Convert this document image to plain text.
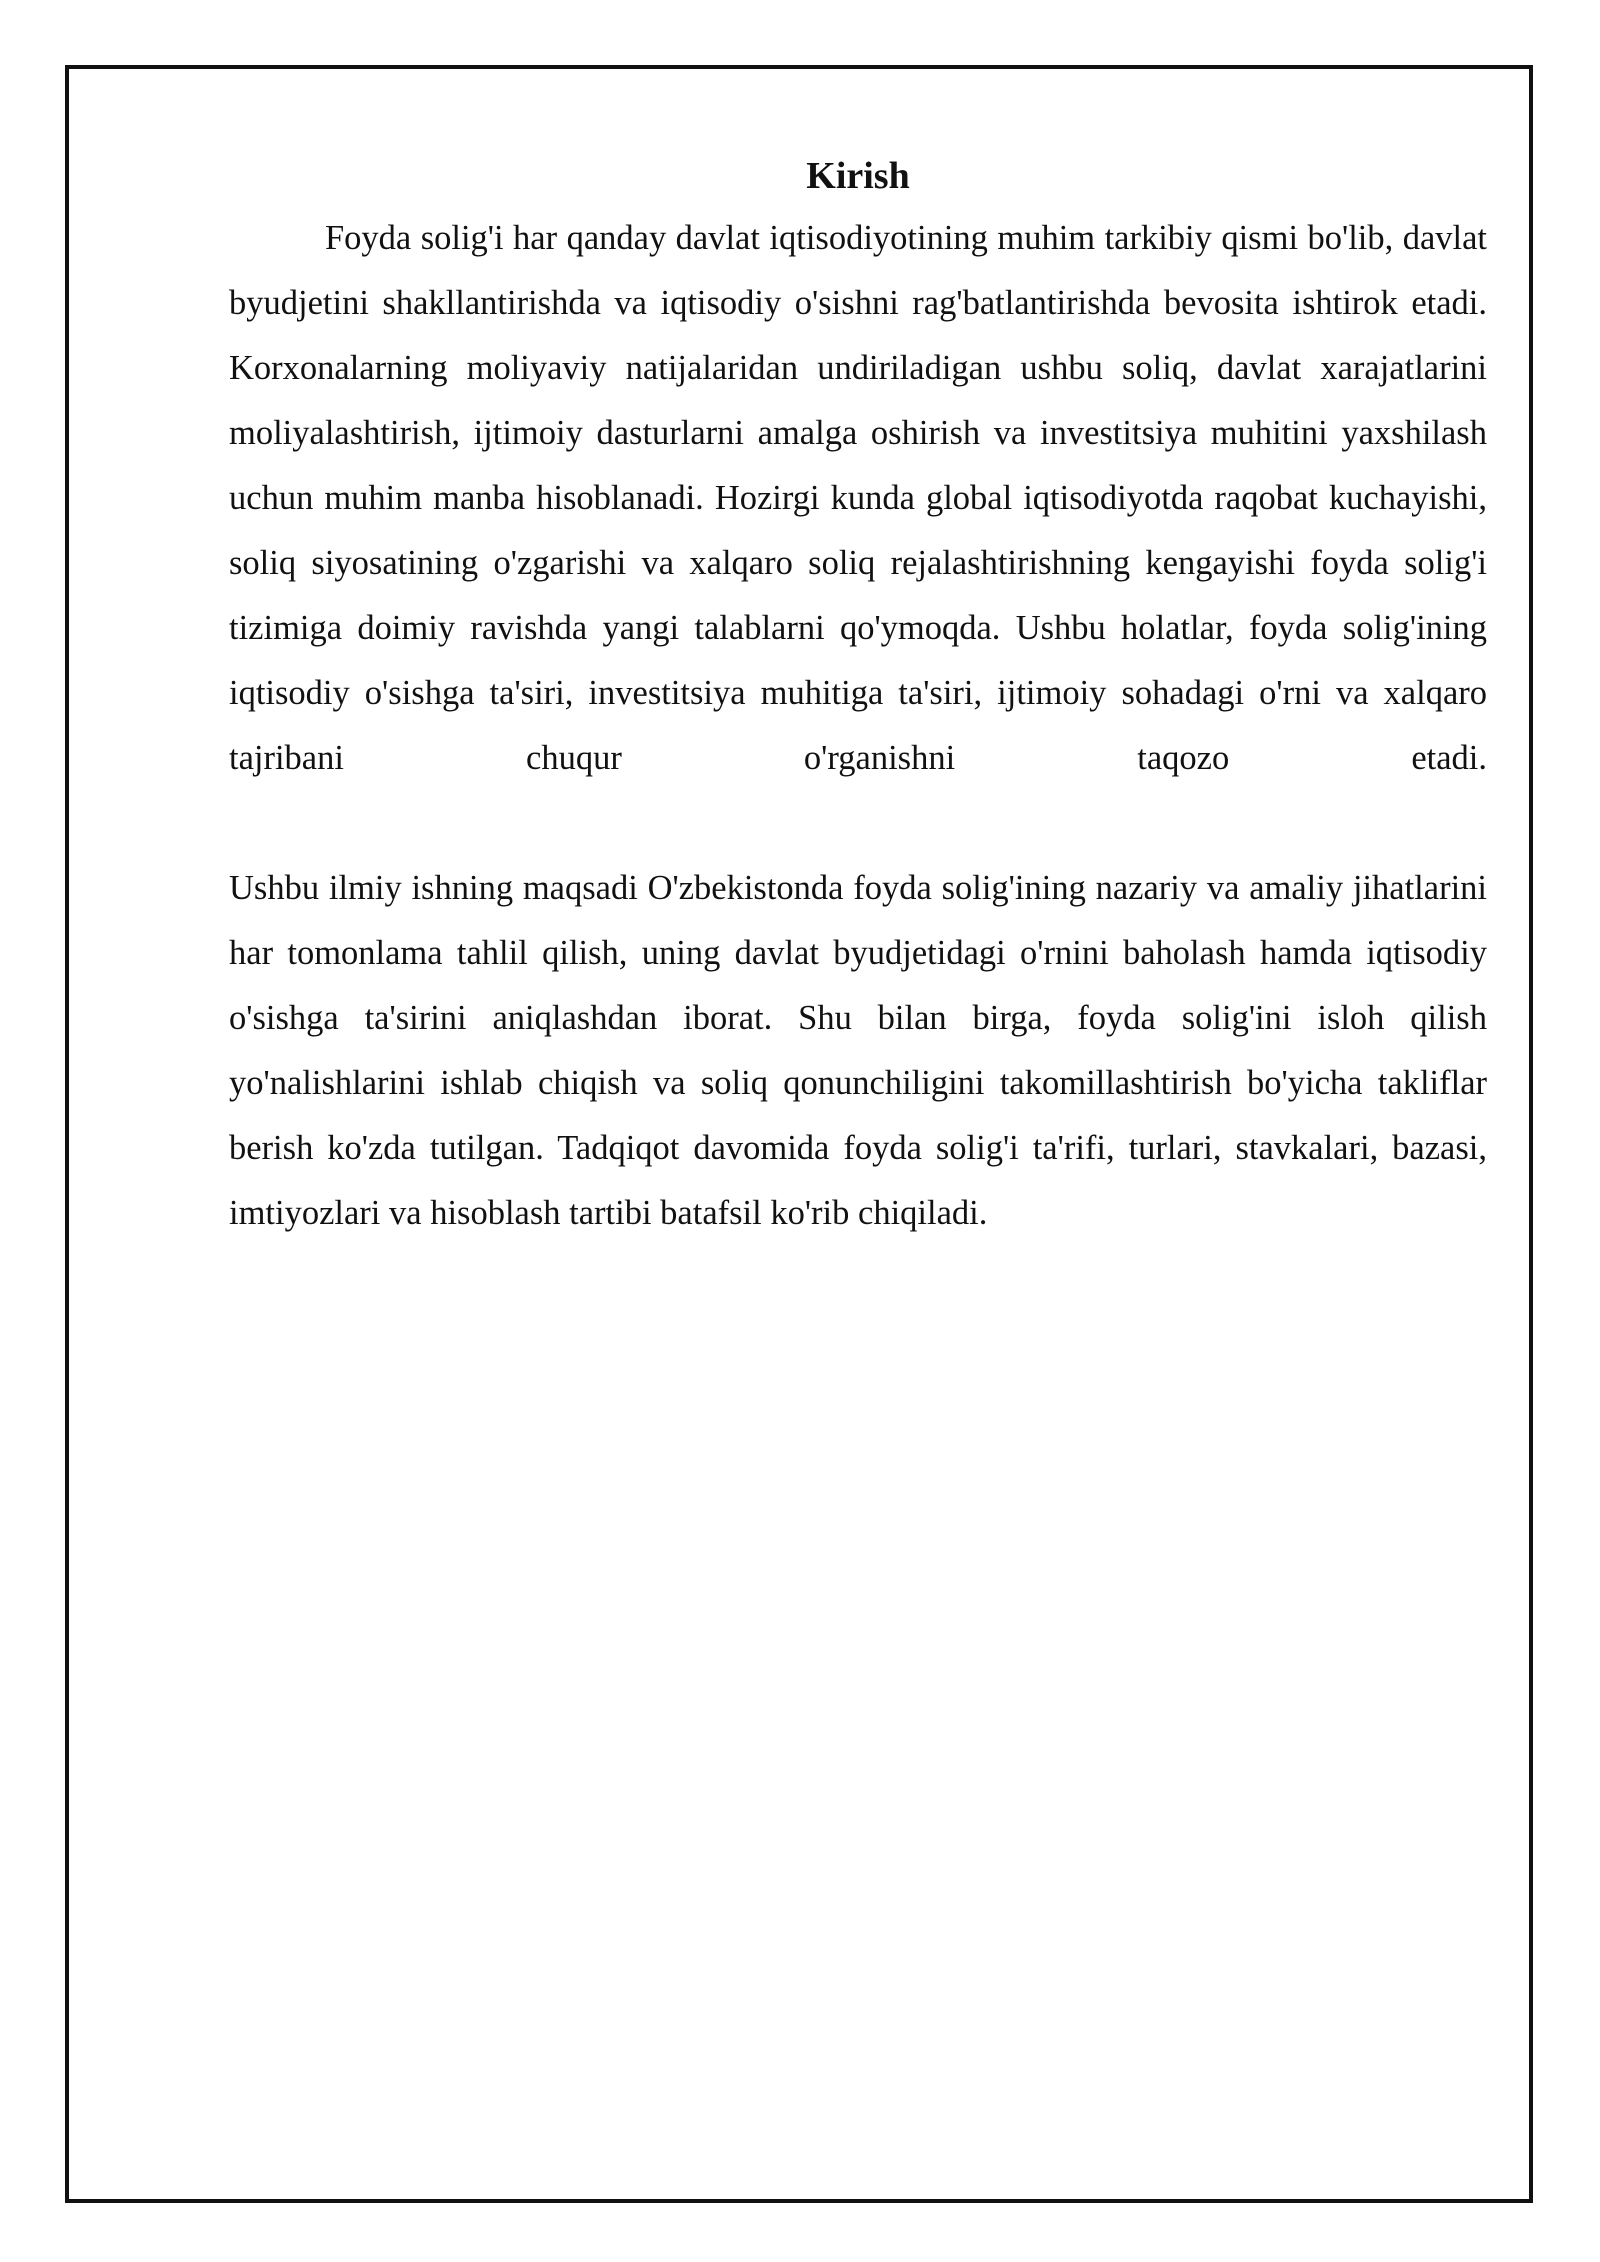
Kirish

Foyda solig'i har qanday davlat iqtisodiyotining muhim tarkibiy qismi bo'lib, davlat byudjetini shakllantirishda va iqtisodiy o'sishni rag'batlantirishda bevosita ishtirok etadi. Korxonalarning moliyaviy natijalaridan undiriladigan ushbu soliq, davlat xarajatlarini moliyalashtirish, ijtimoiy dasturlarni amalga oshirish va investitsiya muhitini yaxshilash uchun muhim manba hisoblanadi. Hozirgi kunda global iqtisodiyotda raqobat kuchayishi, soliq siyosatining o'zgarishi va xalqaro soliq rejalashtirishning kengayishi foyda solig'i tizimiga doimiy ravishda yangi talablarni qo'ymoqda. Ushbu holatlar, foyda solig'ining iqtisodiy o'sishga ta'siri, investitsiya muhitiga ta'siri, ijtimoiy sohadagi o'rni va xalqaro tajribani chuqur o'rganishni taqozo etadi.

Ushbu ilmiy ishning maqsadi O'zbekistonda foyda solig'ining nazariy va amaliy jihatlarini har tomonlama tahlil qilish, uning davlat byudjetidagi o'rnini baholash hamda iqtisodiy o'sishga ta'sirini aniqlashdan iborat. Shu bilan birga, foyda solig'ini isloh qilish yo'nalishlarini ishlab chiqish va soliq qonunchiligini takomillashtirish bo'yicha takliflar berish ko'zda tutilgan. Tadqiqot davomida foyda solig'i ta'rifi, turlari, stavkalari, bazasi, imtiyozlari va hisoblash tartibi batafsil ko'rib chiqiladi.
